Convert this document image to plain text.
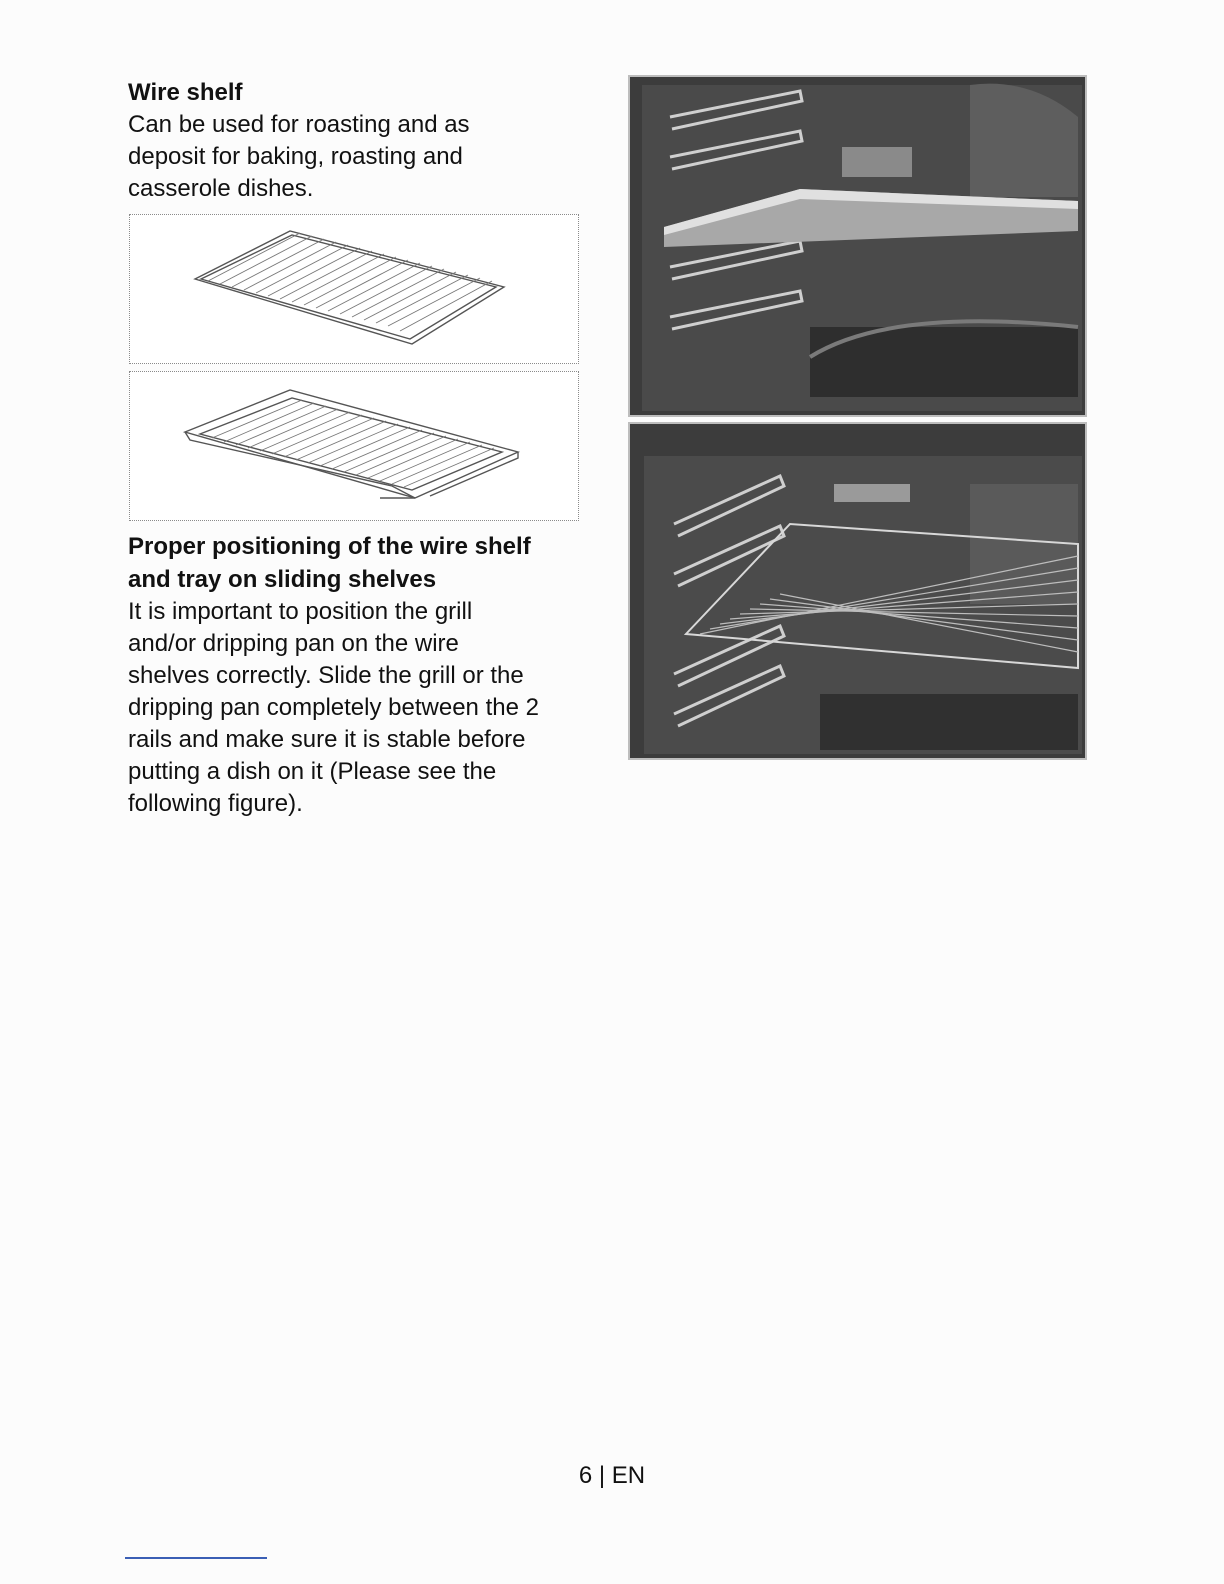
Wire shelf

Can be used for roasting and as

deposit for baking, roasting and

casserole dishes.

Proper positioning of the wire shelf

and tray on sliding shelves

It is important to position the grill

and/or dripping pan on the wire

shelves correctly. Slide the grill or the

dripping pan completely between the 2

rails and make sure it is stable before

putting a dish on it (Please see the

following figure).

6 | EN
